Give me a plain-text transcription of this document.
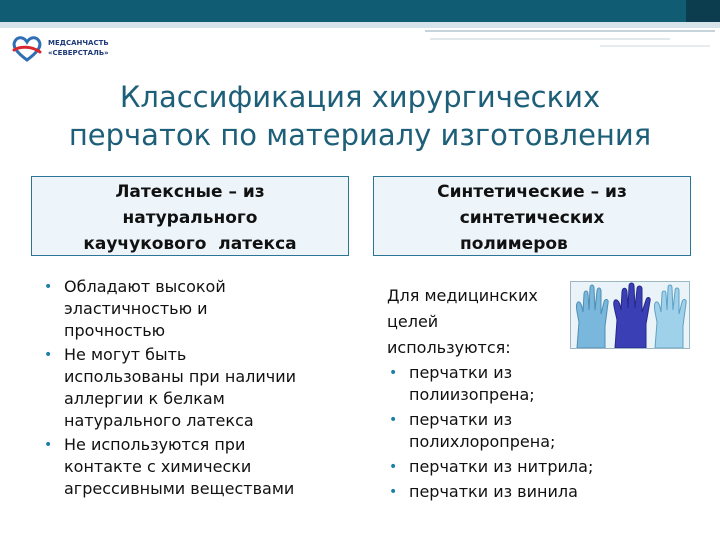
МЕДСАНЧАСТЬ
«СЕВЕРСТАЛЬ»
Классификация хирургических
перчаток по материалу изготовления
Латексные – из
натурального
каучукового  латекса
Синтетические – из
синтетических
полимеров
• Обладают высокой
эластичностью и
прочностью
• Не могут быть
использованы при наличии
аллергии к белкам
натурального латекса
• Не используются при
контакте с химически
агрессивными веществами
Для медицинских
целей
используются:
• перчатки из
полиизопрена;
• перчатки из
полихлоропрена;
• перчатки из нитрила;
• перчатки из винила
